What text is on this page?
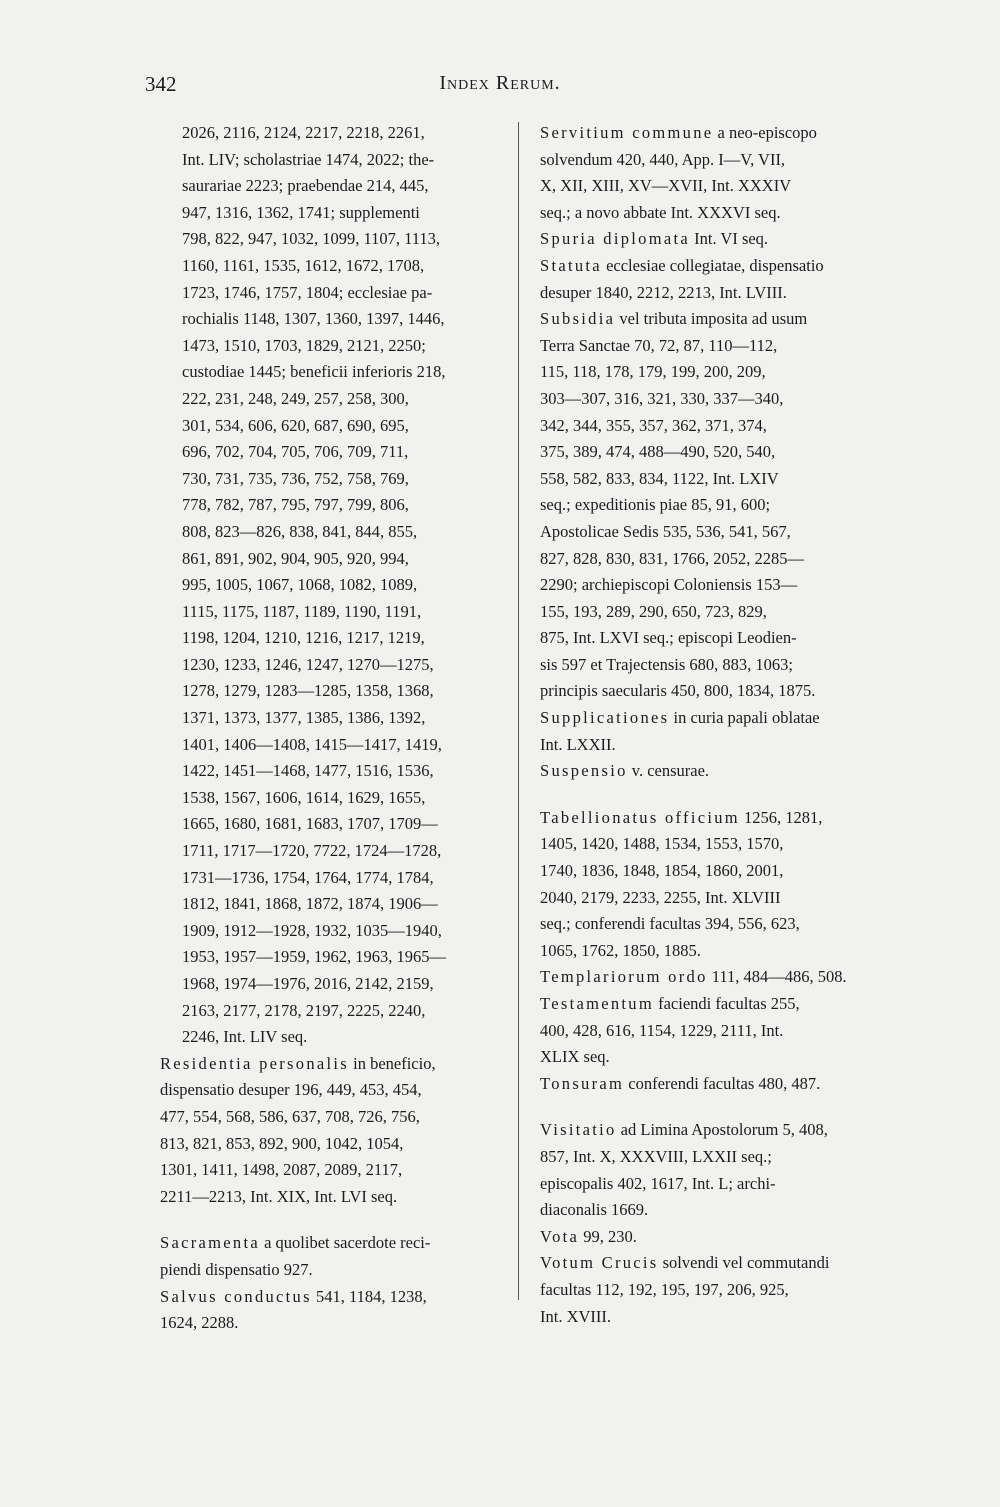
342	Index Rerum.
2026, 2116, 2124, 2217, 2218, 2261,
Int. LIV; scholastriae 1474, 2022; the-
saurariae 2223; praebendae 214, 445,
947, 1316, 1362, 1741; supplementi
798, 822, 947, 1032, 1099, 1107, 1113,
1160, 1161, 1535, 1612, 1672, 1708,
1723, 1746, 1757, 1804; ecclesiae pa-
rochialis 1148, 1307, 1360, 1397, 1446,
1473, 1510, 1703, 1829, 2121, 2250;
custodiae 1445; beneficii inferioris 218,
222, 231, 248, 249, 257, 258, 300,
301, 534, 606, 620, 687, 690, 695,
696, 702, 704, 705, 706, 709, 711,
730, 731, 735, 736, 752, 758, 769,
778, 782, 787, 795, 797, 799, 806,
808, 823—826, 838, 841, 844, 855,
861, 891, 902, 904, 905, 920, 994,
995, 1005, 1067, 1068, 1082, 1089,
1115, 1175, 1187, 1189, 1190, 1191,
1198, 1204, 1210, 1216, 1217, 1219,
1230, 1233, 1246, 1247, 1270—1275,
1278, 1279, 1283—1285, 1358, 1368,
1371, 1373, 1377, 1385, 1386, 1392,
1401, 1406—1408, 1415—1417, 1419,
1422, 1451—1468, 1477, 1516, 1536,
1538, 1567, 1606, 1614, 1629, 1655,
1665, 1680, 1681, 1683, 1707, 1709—
1711, 1717—1720, 7722, 1724—1728,
1731—1736, 1754, 1764, 1774, 1784,
1812, 1841, 1868, 1872, 1874, 1906—
1909, 1912—1928, 1932, 1035—1940,
1953, 1957—1959, 1962, 1963, 1965—
1968, 1974—1976, 2016, 2142, 2159,
2163, 2177, 2178, 2197, 2225, 2240,
2246, Int. LIV seq.
Residentia personalis in beneficio,
dispensatio desuper 196, 449, 453, 454,
477, 554, 568, 586, 637, 708, 726, 756,
813, 821, 853, 892, 900, 1042, 1054,
1301, 1411, 1498, 2087, 2089, 2117,
2211—2213, Int. XIX, Int. LVI seq.
Sacramenta a quolibet sacerdote reci-
piendi dispensatio 927.
Salvus conductus 541, 1184, 1238,
1624, 2288.
Servitium commune a neo-episcopo
solvendum 420, 440, App. I—V, VII,
X, XII, XIII, XV—XVII, Int. XXXIV
seq.; a novo abbate Int. XXXVI seq.
Spuria diplomata Int. VI seq.
Statuta ecclesiae collegiatae, dispensatio
desuper 1840, 2212, 2213, Int. LVIII.
Subsidia vel tributa imposita ad usum
Terra Sanctae 70, 72, 87, 110—112,
115, 118, 178, 179, 199, 200, 209,
303—307, 316, 321, 330, 337—340,
342, 344, 355, 357, 362, 371, 374,
375, 389, 474, 488—490, 520, 540,
558, 582, 833, 834, 1122, Int. LXIV
seq.; expeditionis piae 85, 91, 600;
Apostolicae Sedis 535, 536, 541, 567,
827, 828, 830, 831, 1766, 2052, 2285—
2290; archiepiscopi Coloniensis 153—
155, 193, 289, 290, 650, 723, 829,
875, Int. LXVI seq.; episcopi Leodien-
sis 597 et Trajectensis 680, 883, 1063;
principis saecularis 450, 800, 1834, 1875.
Supplicationes in curia papali oblatae
Int. LXXII.
Suspensio v. censurae.
Tabellionatus officium 1256, 1281,
1405, 1420, 1488, 1534, 1553, 1570,
1740, 1836, 1848, 1854, 1860, 2001,
2040, 2179, 2233, 2255, Int. XLVIII
seq.; conferendi facultas 394, 556, 623,
1065, 1762, 1850, 1885.
Templariorum ordo 111, 484—486, 508.
Testamentum faciendi facultas 255,
400, 428, 616, 1154, 1229, 2111, Int.
XLIX seq.
Tonsuram conferendi facultas 480, 487.
Visitatio ad Limina Apostolorum 5, 408,
857, Int. X, XXXVIII, LXXII seq.;
episcopalis 402, 1617, Int. L; archi-
diaconalis 1669.
Vota 99, 230.
Votum Crucis solvendi vel commutandi
facultas 112, 192, 195, 197, 206, 925,
Int. XVIII.
